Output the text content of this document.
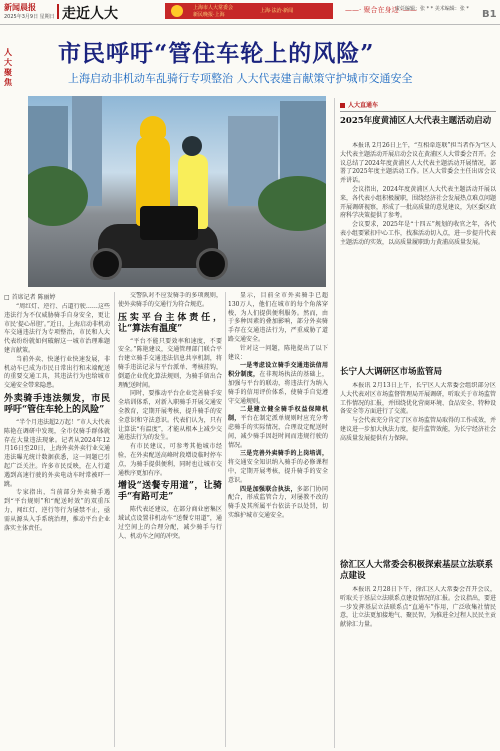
新闻晨报
2025年3月9日 星期日 走近人大	上海市人大常委会
新民晚报·上海
上海·法治·新闻	——· 聚合在身边 ·——
责任编辑：张 * * 美术编辑：张 * B1
人大聚焦
市民呼吁“管住车轮上的风险”
上海启动非机动车乱骑行专项整治 人大代表建言献策守护城市交通安全
□ 首席记者 陈丽婷

“周红灯、逆行、占道行驶……这些违法行为不仅威胁骑手自身安全，更让市民‘提心吊胆’。”近日，上海启动非机动车交通违法行为专项整治，市民和人大代表纷纷就如何破解这一城市治理难题建言献策。

当前外卖、快递行业快速发展，非机动车已成为市民日常出行和末端配送的重要交通工具，其违法行为也给城市交通安全带来隐患。

外卖骑手违法频发，市民呼吁“管住车轮上的风险”

“半个月违法超2万起！”市人大代表陈艳在调研中发现，全市仅骑手群体就存在大量违法现象。记者从2024年12月16日至20日，上海外卖外卖行业交通违法曝光统计数据获悉，这一问题已引起广泛关注。许多市民反映，在人行道遇到高速行驶的外卖电动车时常被吓一跳。

专家指出，当前部分外卖骑手遇到“平台规则”和“配送时效”的双重压力，闯红灯、逆行等行为屡禁不止，亟需从源头入手系统治理，推动平台企业落实主体责任。

交警队对不应发骑手的多项规则，使外卖骑手的交通行为符合规范。

压实平台主体责任，让“算法有温度”

“平台不能只要效率和速度，不要安全。”陈艳建议，交通管理部门联合平台建立骑手交通违法信息共享机制，将骑手违法记录与平台派单、考核挂钩，倒逼企业优化算法规则，为骑手留出合理配送时间。

同时，要推动平台企业完善骑手安全培训体系，对新入职骑手开展交通安全教育，定期开展考核，提升骑手的安全意识和守法意识。代表们认为，只有让算法“有温度”，才能从根本上减少交通违法行为的发生。

有市民建议，可参考其他城市经验，在外卖配送高峰时段增设临时停车点，为骑手提供便利，同时也让城市交通秩序更加有序。

增设“送餐专用道”，让骑手“有路可走”

陈代表还建议，在部分商业密集区域试点设置非机动车“送餐专用道”，通过空间上的合理分配，减少骑手与行人、机动车之间的冲突。

显示，目前全市外卖骑手已超130万人，他们在城市的每个角落穿梭，为人们提供便利服务。然而，由于多种因素的叠加影响，部分外卖骑手存在交通违法行为，严重威胁了道路交通安全。

针对这一问题，陈艳提出了以下建议：

一是考虑设立骑手交通违法信用积分制度，在非现场执法的基础上，加强与平台的联动，将违法行为纳入骑手的信用评价体系，使骑手自觉遵守交通规则。

二是建立健全骑手权益保障机制，平台在制定派单规则时应充分考虑骑手的实际情况，合理设定配送时间，减少骑手因赶时间而违规行驶的情况。

三是完善外卖骑手的上岗培训，将交通安全知识纳入骑手的必修课程中，定期开展考核，提升骑手的安全意识。

四是加强联合执法，多部门协同配合，形成监管合力，对屡教不改的骑手及其所属平台依法予以处罚，切实维护城市交通安全。

人大直通车
2025年度黄浦区人大代表主题活动启动

本报讯 2月26日上午，“互相牵连联”担当者作为“区人大代表主题活动开展启动会议在黄浦区人大常委会召开。会议总结了2024年度黄浦区人大代表主题活动开展情况，部署了2025年度主题活动工作。区人大常委会主任出席会议并讲话。

会议指出，2024年度黄浦区人大代表主题活动开展以来，各代表小组积极履职，围绕经济社会发展热点难点问题开展调研视察，形成了一批高质量的意见建议，为区委区政府科学决策提供了参考。

会议要求，2025年是“十四五”规划的收官之年，各代表小组要紧扣中心工作，找准活动切入点，进一步提升代表主题活动的实效，以高质量履职助力黄浦高质量发展。

长宁人大调研区市场监管局

本报讯 2月13日上午，长宁区人大常委会组织部分区人大代表对区市场监督管理局开展调研，听取关于市场监管工作情况的汇报，并围绕优化营商环境、食品安全、特种设备安全等方面进行了交流。

与会代表充分肯定了区市场监管局取得的工作成效，并建议进一步加大执法力度，提升监管效能，为长宁经济社会高质量发展提供有力保障。

徐汇区人大常委会积极探索基层立法联系点建设

本报讯 2月28日下午，徐汇区人大常委会召开会议，听取关于基层立法联系点建设情况的汇报。会议指出，要进一步发挥基层立法联系点“直通车”作用，广泛收集社情民意，让立法更加接地气、聚民智，为推进全过程人民民主贡献徐汇力量。
